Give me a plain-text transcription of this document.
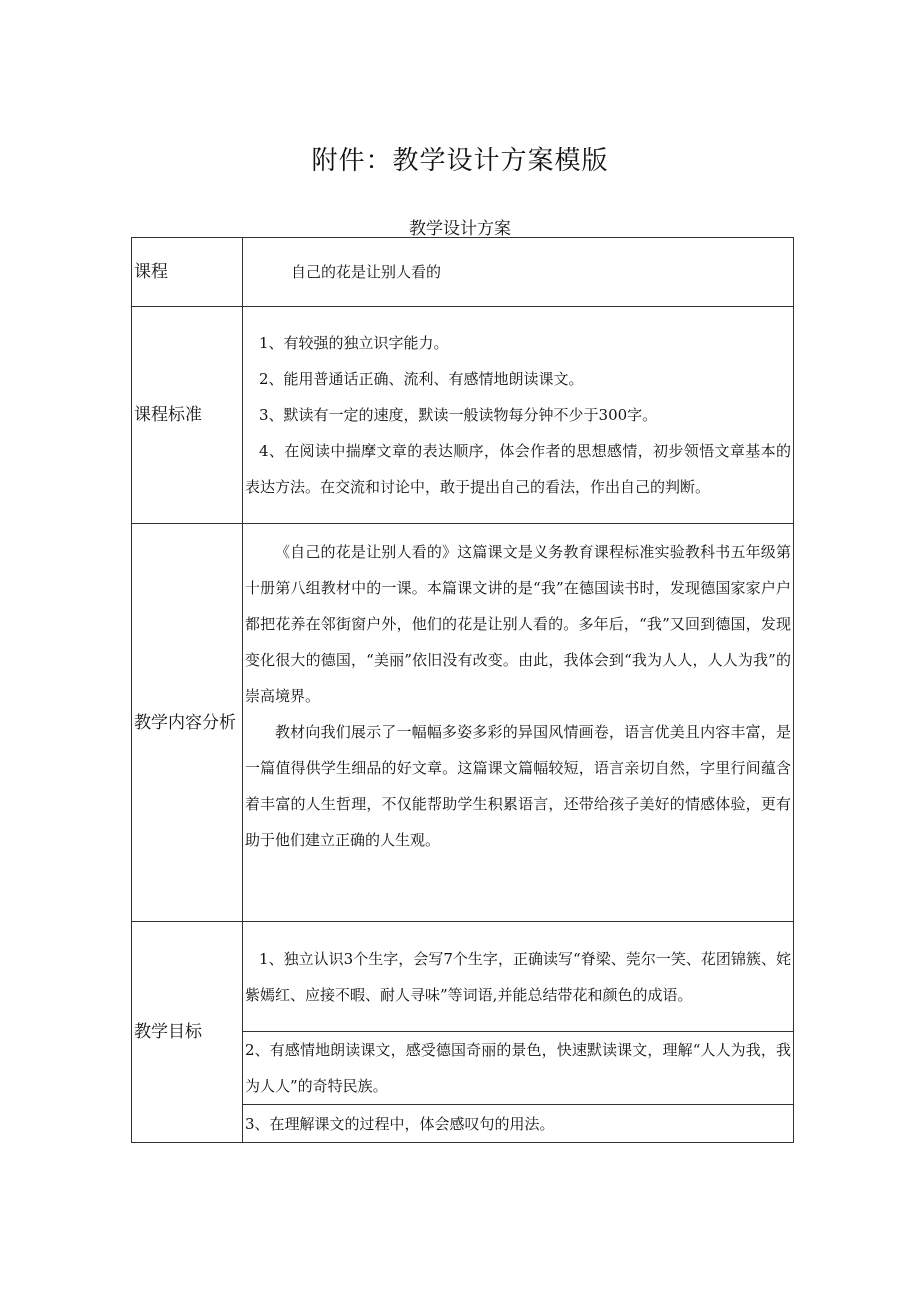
附件：教学设计方案模版
教学设计方案
课程	自己的花是让别人看的
课程标准	1、有较强的独立识字能力。

2、能用普通话正确、流利、有感情地朗读课文。

3、默读有一定的速度，默读一般读物每分钟不少于300字。

4、在阅读中揣摩文章的表达顺序，体会作者的思想感情，初步领悟文章基本的表达方法。在交流和讨论中，敢于提出自己的看法，作出自己的判断。

教学内容分析	《自己的花是让别人看的》这篇课文是义务教育课程标准实验教科书五年级第十册第八组教材中的一课。本篇课文讲的是“我”在德国读书时，发现德国家家户户都把花养在邻街窗户外，他们的花是让别人看的。多年后，“我”又回到德国，发现变化很大的德国，“美丽”依旧没有改变。由此，我体会到“我为人人，人人为我”的崇高境界。

教材向我们展示了一幅幅多姿多彩的异国风情画卷，语言优美且内容丰富，是一篇值得供学生细品的好文章。这篇课文篇幅较短，语言亲切自然，字里行间蕴含着丰富的人生哲理，不仅能帮助学生积累语言，还带给孩子美好的情感体验，更有助于他们建立正确的人生观。

教学目标	1、独立认识3个生字，会写7个生字，正确读写“脊梁、莞尔一笑、花团锦簇、姹紫嫣红、应接不暇、耐人寻味”等词语,并能总结带花和颜色的成语。

	2、有感情地朗读课文，感受德国奇丽的景色，快速默读课文，理解“人人为我，我为人人”的奇特民族。

	3、在理解课文的过程中，体会感叹句的用法。
